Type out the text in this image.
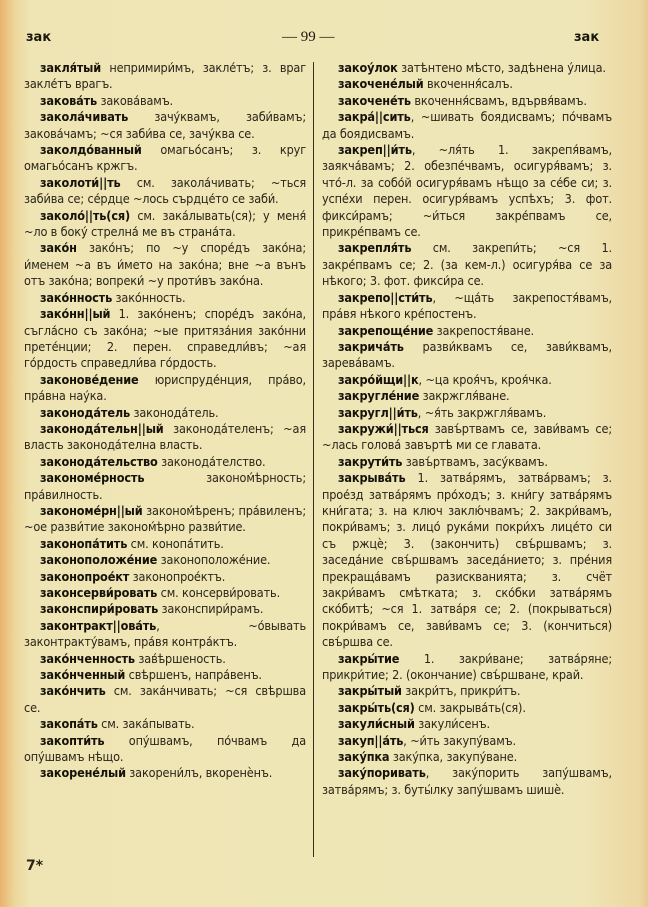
зак	— 99 —	зак

закля́тый непримири́мъ, закле́тъ; з. враг закле́тъ врагъ.

закова́ть закова́вамъ.

закола́чивать зачу́квамъ, заби́вамъ; закова́чамъ; ~ся заби́ва се, зачу́ква се.

заколдо́ванный омагьо́санъ; з. круг омагьо́санъ кржгъ.

заколоти́||ть см. закола́чивать; ~ться заби́ва се; се́рдце ~лось сърдце́то се заби́.

заколо́||ть(ся) см. зака́лывать(ся); у меня́ ~ло в боку́ стрелна́ ме въ страна́та.

зако́н зако́нъ; по ~у споре́дъ зако́на; и́менем ~а въ и́мето на зако́на; вне ~а вънъ отъ зако́на; вопреки́ ~у проти́въ зако́на.

зако́нность зако́нность.

зако́нн||ый 1. зако́ненъ; споре́дъ зако́на, съгла́сно съ зако́на; ~ые притяза́ния зако́нни прете́нции; 2. перен. справедли́въ; ~ая го́рдость справедли́ва го́рдость.

законове́дение юриспруде́нция, пра́во, пра́вна нау́ка.

законода́тель законода́тель.

законода́тельн||ый законода́теленъ; ~ая власть законода́телна власть.

законода́тельство законода́телство.

закономе́рность законом́ѣрность; пра́вилность.

закономе́рн||ый законом́ѣренъ; пра́виленъ; ~ое разви́тие законом́ѣрно разви́тие.

законопа́тить см. конопа́тить.

законоположе́ние законоположе́ние.

законопрое́кт законопрое́ктъ.

законсерви́ровать см. консерви́ровать.

законспири́ровать законспири́рамъ.

законтракт||ова́ть, ~о́вывать законтракту́вамъ, пра́вя контра́ктъ.

зако́нченность зав́ѣршеность.

зако́нченный свѣршенъ, напра́венъ.

зако́нчить см. зака́нчивать; ~ся свѣршва се.

закопа́ть см. зака́пывать.

закопти́ть опу́швамъ, по́чвамъ да опу́швамъ нѣщо.

закорене́лый закорени́лъ, вкоренѐнъ.

закоу́лок затѣнтено мѣсто, задѣнена у́лица.

закочене́лый вкочення́салъ.

закочене́ть вкочення́свамъ, вдървя́вамъ.

закра́||сить, ~шивать боядисвамъ; по́чвамъ да боядисвамъ.

закреп||и́ть, ~ля́ть 1. закрепя́вамъ, заякча́вамъ; 2. обезпе́чвамъ, осигуря́вамъ; з. что́-л. за собо́й осигуря́вамъ нѣщо за се́бе си; з. успе́хи перен. осигуря́вамъ успѣхъ; 3. фот. фикси́рамъ; ~и́ться закре́пвамъ се, прикре́пвамъ се.

закрепля́ть см. закрепи́ть; ~ся 1. закре́пвамъ се; 2. (за кем-л.) осигуря́ва се за нѣкого; 3. фот. фикси́ра се.

закрепо||сти́ть, ~ща́ть закрепостя́вамъ, пра́вя нѣкого кре́постенъ.

закрепоще́ние закрепостя́ване.

закрича́ть разви́квамъ се, зави́квамъ, зарева́вамъ.

закро́йщи||к, ~ца кроя́чъ, кроя́чка.

закругле́ние закржгля́ване.

закругл||и́ть, ~я́ть закржгля́вамъ.

закружи́||ться завъ́ртвамъ се, зави́вамъ се; ~лась голова́ завъртѣ ми се главата.

закрути́ть завъ́ртвамъ, засу́квамъ.

закрыва́ть 1. затва́рямъ, затва́рвамъ; з. прое́зд затва́рямъ про́ходъ; з. кни́гу затва́рямъ кни́гата; з. на ключ заклю́чвамъ; 2. закри́вамъ, покри́вамъ; з. лицо́ рука́ми покри́хъ лице́то си съ ржцѐ; 3. (закончить) свъ́ршвамъ; з. заседа́ние свъ́ршвамъ заседа́нието; з. пре́ния прекраща́вамъ разискванията; з. счёт закри́вамъ смѣтката; з. ско́бки затва́рямъ ско́битѣ; ~ся 1. затва́ря се; 2. (покрываться) покри́вамъ се, зави́вамъ се; 3. (кончиться) свъ́ршва се.

закры́тие 1. закри́ване; затва́ряне; прикри́тие; 2. (окончание) свъ́ршване, край.

закры́тый закри́тъ, прикри́тъ.

закры́ть(ся) см. закрыва́ть(ся).

закули́сный закули́сенъ.

закуп||а́ть, ~и́ть закупу́вамъ.

заку́пка заку́пка, закупу́ване.

заку́поривать, заку́порить запу́швамъ, затва́рямъ; з. буты́лку запу́швамъ шишѐ.

7*
